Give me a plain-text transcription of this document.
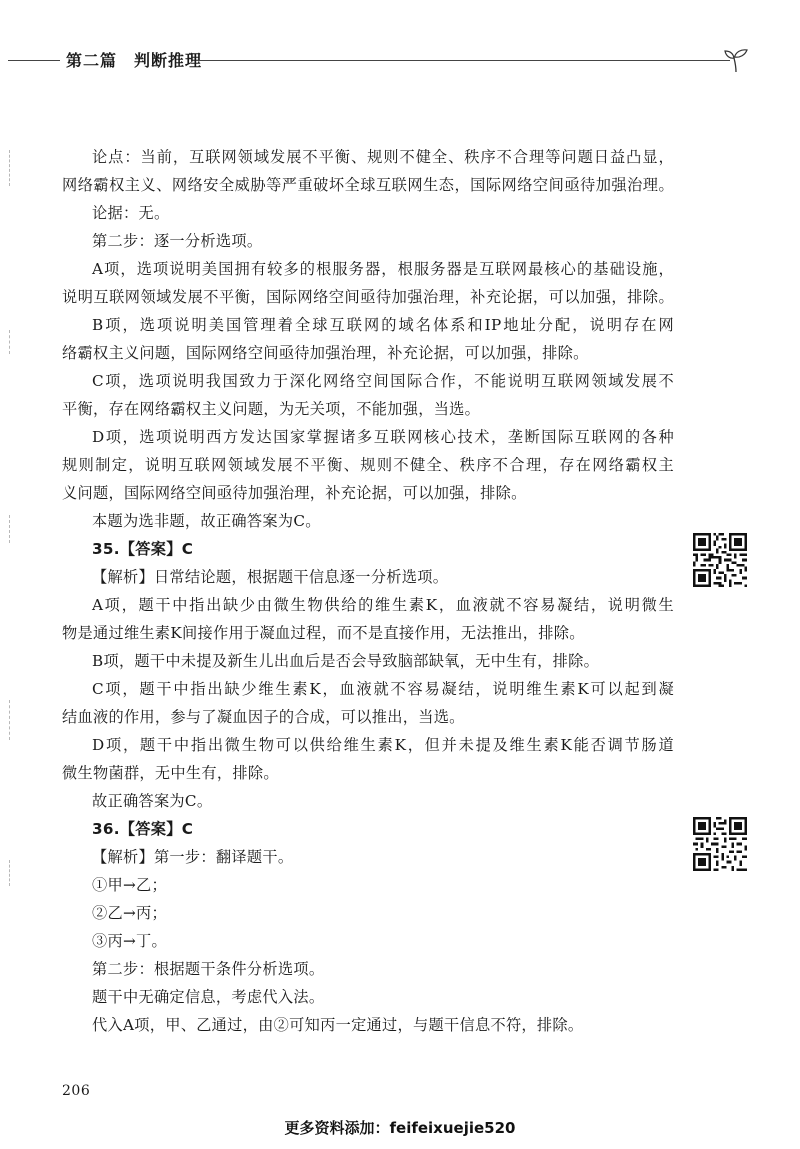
第二篇　判断推理
论点：当前，互联网领域发展不平衡、规则不健全、秩序不合理等问题日益凸显，
网络霸权主义、网络安全威胁等严重破坏全球互联网生态，国际网络空间亟待加强治理。
论据：无。
第二步：逐一分析选项。
A项，选项说明美国拥有较多的根服务器，根服务器是互联网最核心的基础设施，
说明互联网领域发展不平衡，国际网络空间亟待加强治理，补充论据，可以加强，排除。
B项，选项说明美国管理着全球互联网的域名体系和IP地址分配，说明存在网
络霸权主义问题，国际网络空间亟待加强治理，补充论据，可以加强，排除。
C项，选项说明我国致力于深化网络空间国际合作，不能说明互联网领域发展不
平衡，存在网络霸权主义问题，为无关项，不能加强，当选。
D项，选项说明西方发达国家掌握诸多互联网核心技术，垄断国际互联网的各种
规则制定，说明互联网领域发展不平衡、规则不健全、秩序不合理，存在网络霸权主
义问题，国际网络空间亟待加强治理，补充论据，可以加强，排除。
本题为选非题，故正确答案为C。
35.【答案】C
【解析】日常结论题，根据题干信息逐一分析选项。
A项，题干中指出缺少由微生物供给的维生素K，血液就不容易凝结，说明微生
物是通过维生素K间接作用于凝血过程，而不是直接作用，无法推出，排除。
B项，题干中未提及新生儿出血后是否会导致脑部缺氧，无中生有，排除。
C项，题干中指出缺少维生素K，血液就不容易凝结，说明维生素K可以起到凝
结血液的作用，参与了凝血因子的合成，可以推出，当选。
D项，题干中指出微生物可以供给维生素K，但并未提及维生素K能否调节肠道
微生物菌群，无中生有，排除。
故正确答案为C。
36.【答案】C
【解析】第一步：翻译题干。
①甲→乙；
②乙→丙；
③丙→丁。
第二步：根据题干条件分析选项。
题干中无确定信息，考虑代入法。
代入A项，甲、乙通过，由②可知丙一定通过，与题干信息不符，排除。
206
更多资料添加：feifeixuejie520
